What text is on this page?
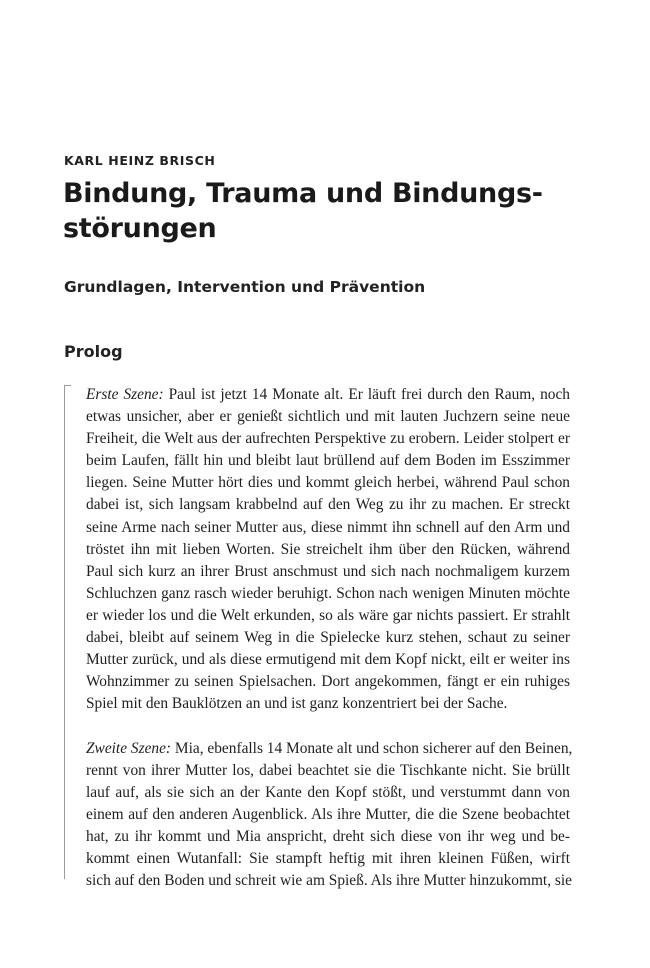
KARL HEINZ BRISCH
Bindung, Trauma und Bindungs-
störungen
Grundlagen, Intervention und Prävention
Prolog
Erste Szene: Paul ist jetzt 14 Monate alt. Er läuft frei durch den Raum, noch
etwas unsicher, aber er genießt sichtlich und mit lauten Juchzern seine neue
Freiheit, die Welt aus der aufrechten Perspektive zu erobern. Leider stolpert er
beim Laufen, fällt hin und bleibt laut brüllend auf dem Boden im Esszimmer
liegen. Seine Mutter hört dies und kommt gleich herbei, während Paul schon
dabei ist, sich langsam krabbelnd auf den Weg zu ihr zu machen. Er streckt
seine Arme nach seiner Mutter aus, diese nimmt ihn schnell auf den Arm und
tröstet ihn mit lieben Worten. Sie streichelt ihm über den Rücken, während
Paul sich kurz an ihrer Brust anschmust und sich nach nochmaligem kurzem
Schluchzen ganz rasch wieder beruhigt. Schon nach wenigen Minuten möchte
er wieder los und die Welt erkunden, so als wäre gar nichts passiert. Er strahlt
dabei, bleibt auf seinem Weg in die Spielecke kurz stehen, schaut zu seiner
Mutter zurück, und als diese ermutigend mit dem Kopf nickt, eilt er weiter ins
Wohnzimmer zu seinen Spielsachen. Dort angekommen, fängt er ein ruhiges
Spiel mit den Bauklötzen an und ist ganz konzentriert bei der Sache.
Zweite Szene: Mia, ebenfalls 14 Monate alt und schon sicherer auf den Beinen,
rennt von ihrer Mutter los, dabei beachtet sie die Tischkante nicht. Sie brüllt
lauf auf, als sie sich an der Kante den Kopf stößt, und verstummt dann von
einem auf den anderen Augenblick. Als ihre Mutter, die die Szene beobachtet
hat, zu ihr kommt und Mia anspricht, dreht sich diese von ihr weg und be-
kommt einen Wutanfall: Sie stampft heftig mit ihren kleinen Füßen, wirft
sich auf den Boden und schreit wie am Spieß. Als ihre Mutter hinzukommt, sie
